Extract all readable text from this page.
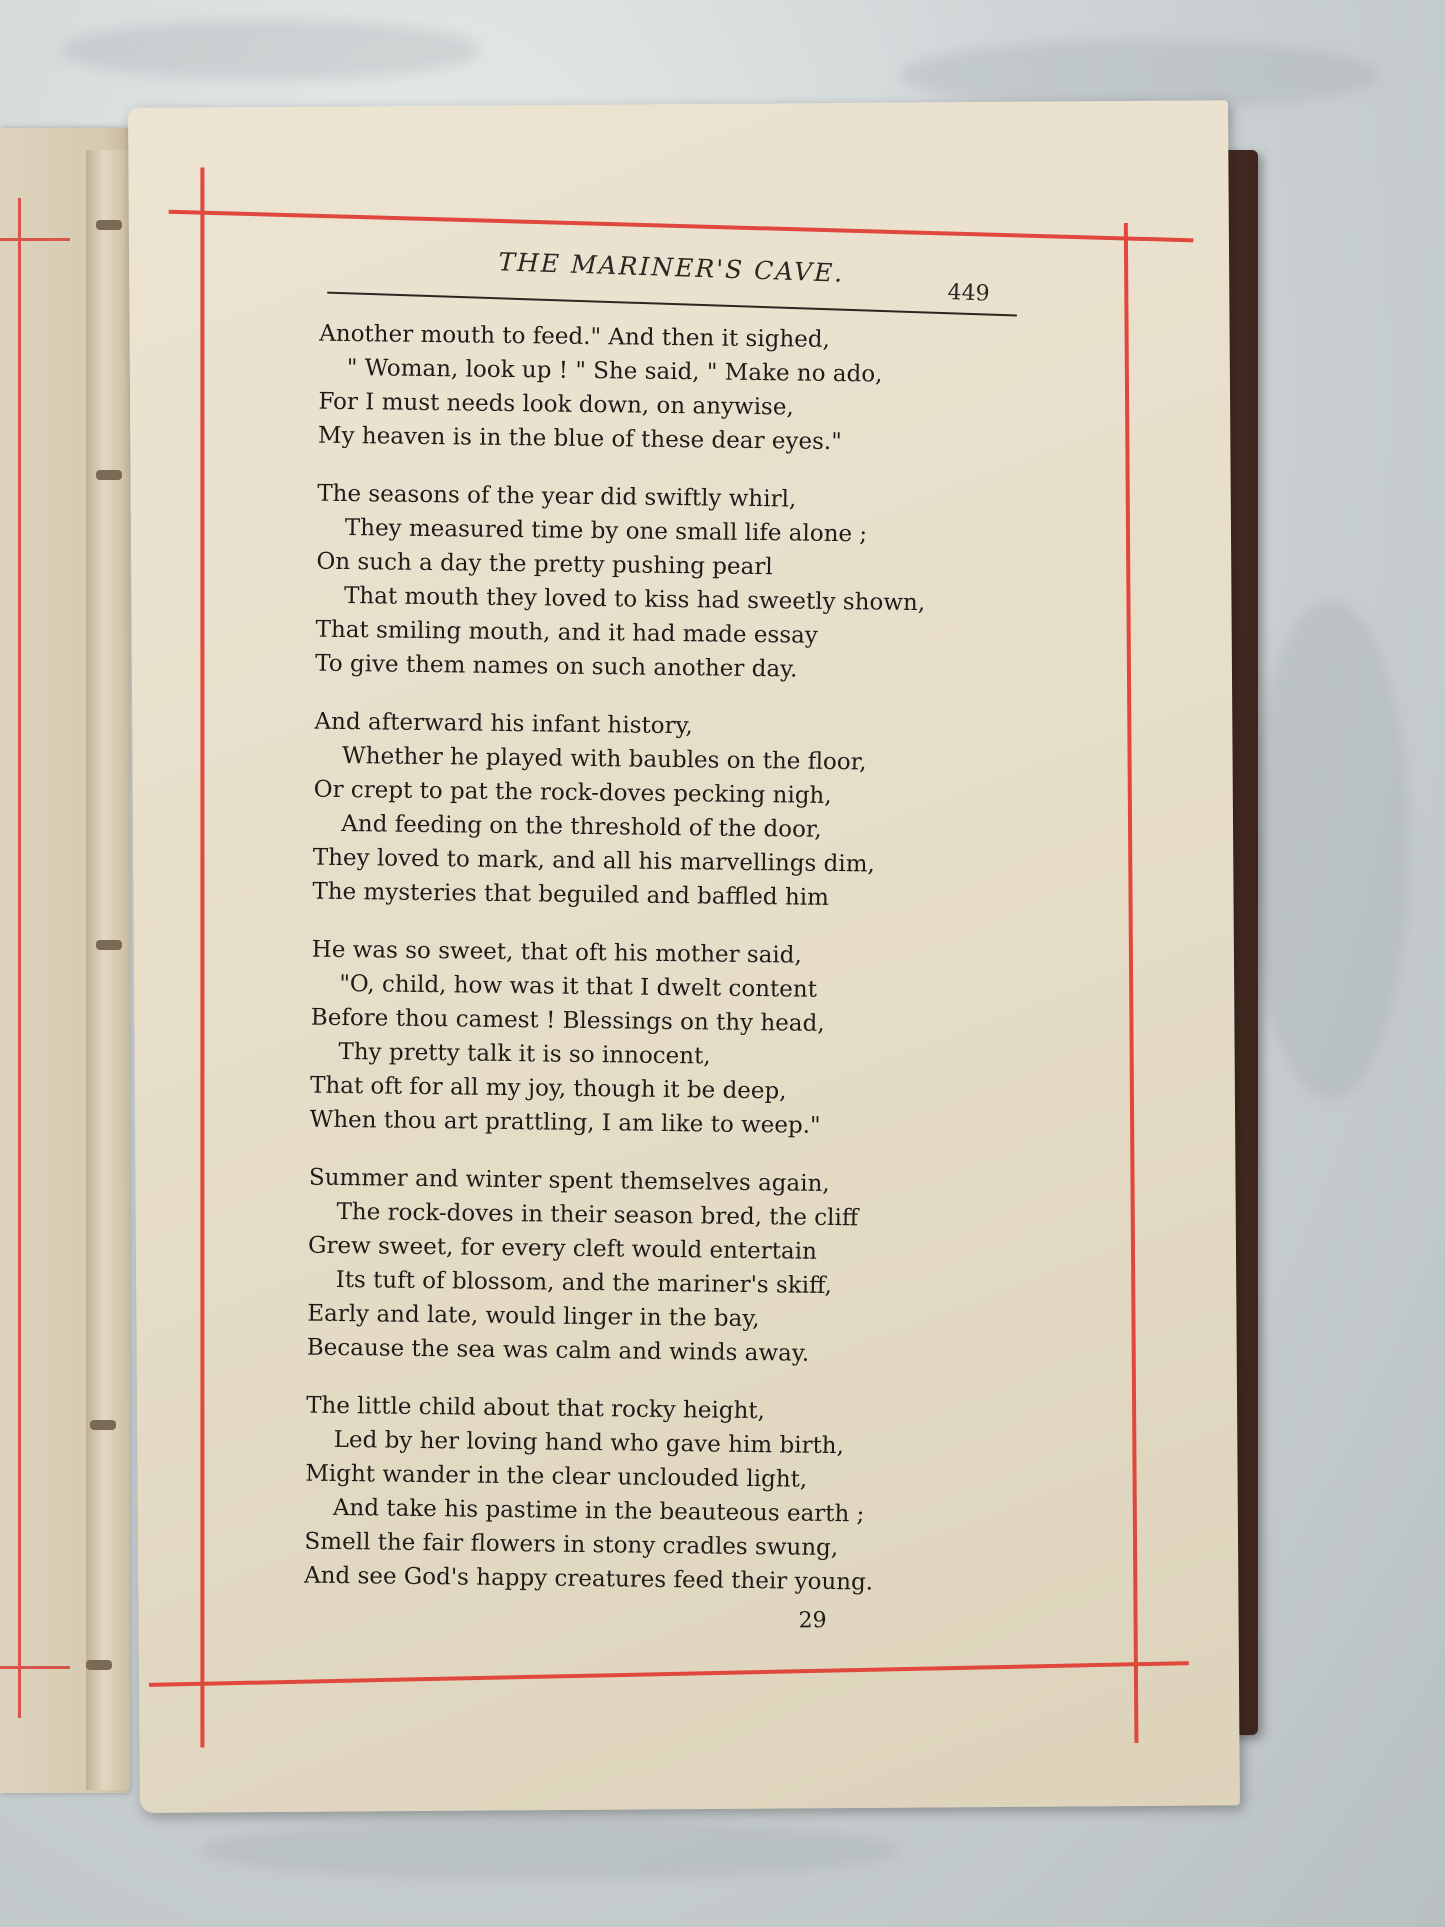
THE MARINER'S CAVE.
449
Another mouth to feed." And then it sighed,
" Woman, look up ! " She said, " Make no ado,
For I must needs look down, on anywise,
My heaven is in the blue of these dear eyes."
The seasons of the year did swiftly whirl,
They measured time by one small life alone ;
On such a day the pretty pushing pearl
That mouth they loved to kiss had sweetly shown,
That smiling mouth, and it had made essay
To give them names on such another day.
And afterward his infant history,
Whether he played with baubles on the floor,
Or crept to pat the rock-doves pecking nigh,
And feeding on the threshold of the door,
They loved to mark, and all his marvellings dim,
The mysteries that beguiled and baffled him
He was so sweet, that oft his mother said,
"O, child, how was it that I dwelt content
Before thou camest ! Blessings on thy head,
Thy pretty talk it is so innocent,
That oft for all my joy, though it be deep,
When thou art prattling, I am like to weep."
Summer and winter spent themselves again,
The rock-doves in their season bred, the cliff
Grew sweet, for every cleft would entertain
Its tuft of blossom, and the mariner's skiff,
Early and late, would linger in the bay,
Because the sea was calm and winds away.
The little child about that rocky height,
Led by her loving hand who gave him birth,
Might wander in the clear unclouded light,
And take his pastime in the beauteous earth ;
Smell the fair flowers in stony cradles swung,
And see God's happy creatures feed their young.
29
